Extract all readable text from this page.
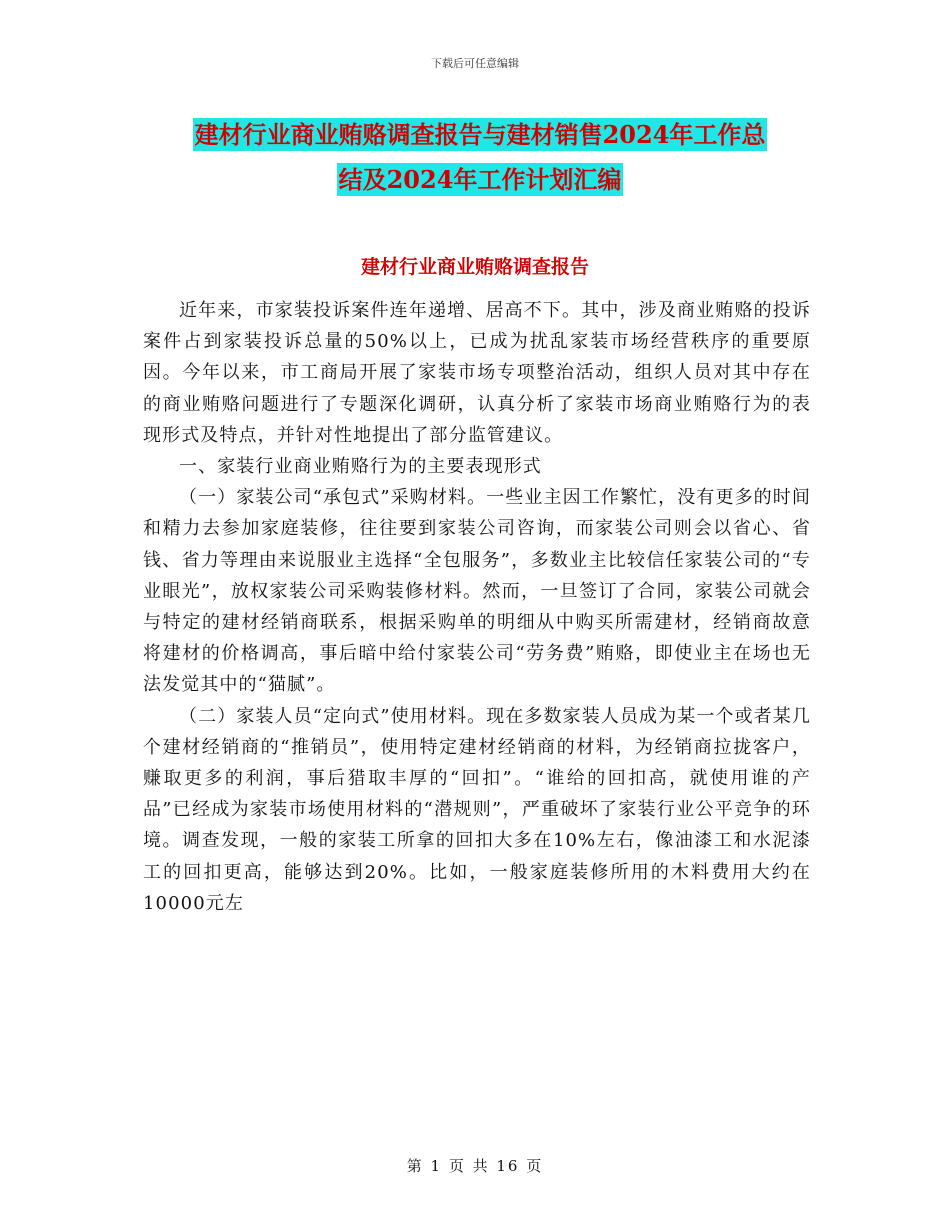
下载后可任意编辑
建材行业商业贿赂调查报告与建材销售2024年工作总
结及2024年工作计划汇编
建材行业商业贿赂调查报告

近年来，市家装投诉案件连年递增、居高不下。其中，涉及商业贿赂的投诉案件占到家装投诉总量的50%以上，已成为扰乱家装市场经营秩序的重要原因。今年以来，市工商局开展了家装市场专项整治活动，组织人员对其中存在的商业贿赂问题进行了专题深化调研，认真分析了家装市场商业贿赂行为的表现形式及特点，并针对性地提出了部分监管建议。

一、家装行业商业贿赂行为的主要表现形式

（一）家装公司“承包式”采购材料。一些业主因工作繁忙，没有更多的时间和精力去参加家庭装修，往往要到家装公司咨询，而家装公司则会以省心、省钱、省力等理由来说服业主选择“全包服务”，多数业主比较信任家装公司的“专业眼光”，放权家装公司采购装修材料。然而，一旦签订了合同，家装公司就会与特定的建材经销商联系，根据采购单的明细从中购买所需建材，经销商故意将建材的价格调高，事后暗中给付家装公司“劳务费”贿赂，即使业主在场也无法发觉其中的“猫腻”。

（二）家装人员“定向式”使用材料。现在多数家装人员成为某一个或者某几个建材经销商的“推销员”，使用特定建材经销商的材料，为经销商拉拢客户，赚取更多的利润，事后猎取丰厚的“回扣”。“谁给的回扣高，就使用谁的产品”已经成为家装市场使用材料的“潜规则”，严重破坏了家装行业公平竞争的环境。调查发现，一般的家装工所拿的回扣大多在10%左右，像油漆工和水泥漆工的回扣更高，能够达到20%。比如，一般家庭装修所用的木料费用大约在10000元左

第 1 页 共 16 页
